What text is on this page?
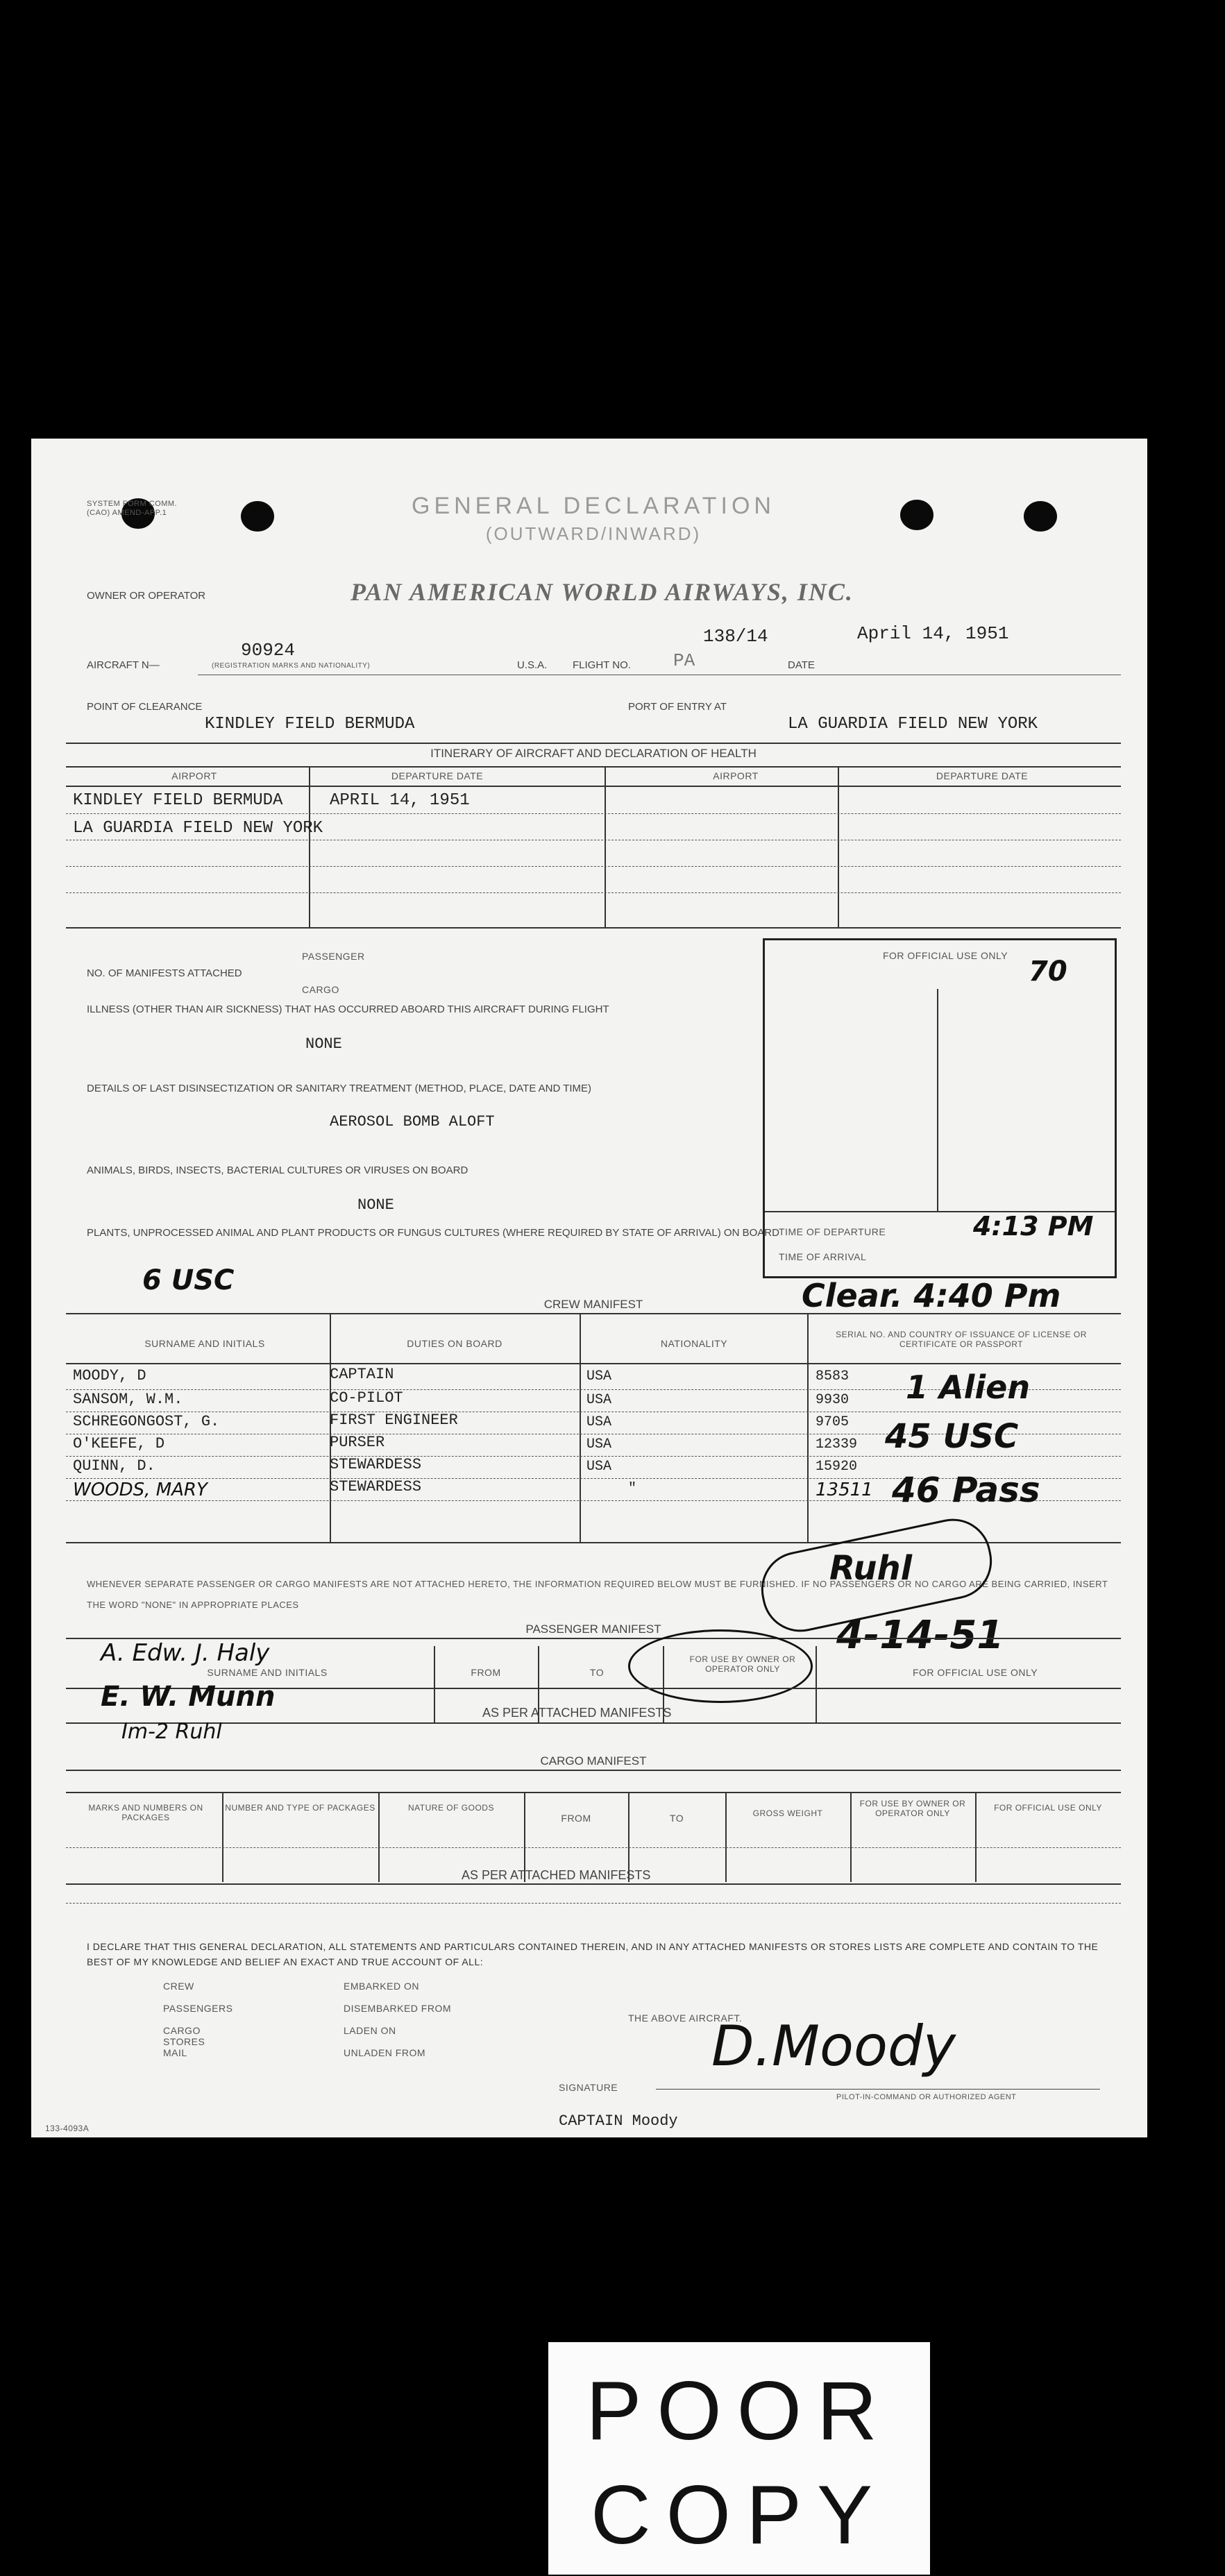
SYSTEM FORM COMM. (CAO) AMEND-APP.1	GENERAL DECLARATION
(OUTWARD/INWARD)
OWNER OR OPERATOR	PAN AMERICAN WORLD AIRWAYS, INC.
AIRCRAFT N—
90924
(REGISTRATION MARKS AND NATIONALITY)	U.S.A. FLIGHT NO.
138/14
PA	DATE
April 14, 1951
POINT OF CLEARANCE
KINDLEY FIELD BERMUDA
PORT OF ENTRY AT
LA GUARDIA FIELD NEW YORK
ITINERARY OF AIRCRAFT AND DECLARATION OF HEALTH
AIRPORT	DEPARTURE DATE	AIRPORT	DEPARTURE DATE
KINDLEY FIELD BERMUDA	APRIL 14, 1951
LA GUARDIA FIELD NEW YORK
NO. OF MANIFESTS ATTACHED
PASSENGER
CARGO
ILLNESS (OTHER THAN AIR SICKNESS) THAT HAS OCCURRED ABOARD THIS AIRCRAFT DURING FLIGHT
NONE
DETAILS OF LAST DISINSECTIZATION OR SANITARY TREATMENT (METHOD, PLACE, DATE AND TIME)
AEROSOL BOMB ALOFT
ANIMALS, BIRDS, INSECTS, BACTERIAL CULTURES OR VIRUSES ON BOARD
NONE
PLANTS, UNPROCESSED ANIMAL AND PLANT PRODUCTS OR FUNGUS CULTURES (WHERE REQUIRED BY STATE OF ARRIVAL) ON BOARD
FOR OFFICIAL USE ONLY 70
TIME OF DEPARTURE	4:13 PM
TIME OF ARRIVAL
6 USC	Clear. 4:40 Pm
CREW MANIFEST
SURNAME AND INITIALS	DUTIES ON BOARD	NATIONALITY
SERIAL NO. AND COUNTRY OF ISSUANCE OF LICENSE OR CERTIFICATE OR PASSPORT
MOODY, D	CAPTAIN	USA	8583
SANSOM, W.M.	CO-PILOT	USA	9930
SCHREGONGOST, G.	FIRST ENGINEER	USA	9705
O'KEEFE, D	PURSER	USA	12339
QUINN, D.	STEWARDESS	USA	15920
WOODS, MARY	STEWARDESS	"	13511
1 Alien
45 USC
46 Pass
WHENEVER SEPARATE PASSENGER OR CARGO MANIFESTS ARE NOT ATTACHED HERETO, THE INFORMATION REQUIRED BELOW MUST BE FURNISHED. IF NO PASSENGERS OR NO CARGO ARE BEING CARRIED, INSERT THE WORD "NONE" IN APPROPRIATE PLACES
Ruhl
4-14-51
PASSENGER MANIFEST
SURNAME AND INITIALS	FROM	TO
FOR USE BY OWNER OR OPERATOR ONLY	FOR OFFICIAL USE ONLY
AS PER ATTACHED MANIFESTS
A. Edw. J. Haly
E. W. Munn
Im-2 Ruhl
CARGO MANIFEST
MARKS AND NUMBERS ON PACKAGES
NUMBER AND TYPE OF PACKAGES	NATURE OF GOODS
FROM	TO	GROSS WEIGHT
FOR USE BY OWNER OR OPERATOR ONLY
FOR OFFICIAL USE ONLY
AS PER ATTACHED MANIFESTS
I DECLARE THAT THIS GENERAL DECLARATION, ALL STATEMENTS AND PARTICULARS CONTAINED THEREIN, AND IN ANY ATTACHED MANIFESTS OR STORES LISTS ARE COMPLETE AND CONTAIN TO THE BEST OF MY KNOWLEDGE AND BELIEF AN EXACT AND TRUE ACCOUNT OF ALL:
CREW
PASSENGERS
CARGO
STORES
MAIL
EMBARKED ON
DISEMBARKED FROM
LADEN ON
UNLADEN FROM
THE ABOVE AIRCRAFT.
SIGNATURE
D.Moody
PILOT-IN-COMMAND OR AUTHORIZED AGENT
CAPTAIN Moody
133-4093A
POOR
COPY
